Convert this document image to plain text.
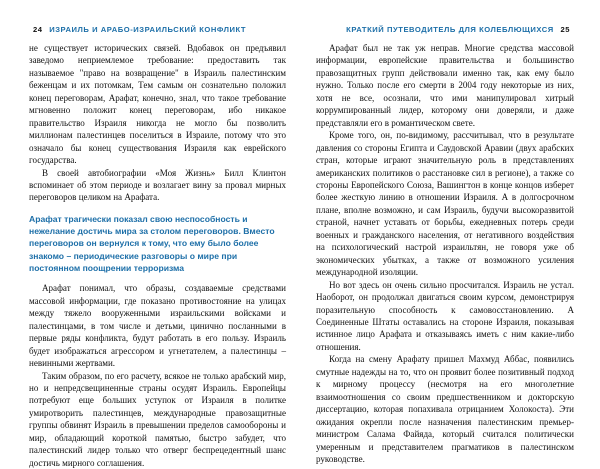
24 ИЗРАИЛЬ И АРАБО-ИЗРАИЛЬСКИЙ КОНФЛИКТ

не существует исторических связей. Вдобавок он предъявил заведомо неприемлемое требование: предоставить так называемое "право на возвращение" в Израиль палестинским беженцам и их потомкам, Тем самым он сознательно положил конец переговорам, Арафат, конечно, знал, что такое требование мгновенно положит конец переговорам, ибо никакое правительство Израиля никогда не могло бы позволить миллионам палестинцев поселиться в Израиле, потому что это означало бы конец существования Израиля как еврейского государства.

В своей автобиографии «Моя Жизнь» Билл Клинтон вспоминает об этом периоде и возлагает вину за провал мирных переговоров целиком на Арафата.

Арафат трагически показал свою неспособность и нежелание достичь мира за столом переговоров. Вместо переговоров он вернулся к тому, что ему было более знакомо – периодические разговоры о мире при постоянном поощрении терроризма

Арафат понимал, что образы, создаваемые средствами массовой информации, где показано противостояние на улицах между тяжело вооруженными израильскими войсками и палестинцами, в том числе и детьми, цинично посланными в первые ряды конфликта, будут работать в его пользу. Израиль будет изображаться агрессором и угнетателем, а палестинцы – невинными жертвами.

Таким образом, по его расчету, всякое не только арабский мир, но и непредсвещиненные страны осудят Израиль. Европейцы потребуют еще больших уступок от Израиля в политке умиротворить палестинцев, международные правозащитные группы обвинят Израиль в превышении пределов самообороны и мир, обладающий короткой памятью, быстро забудет, что палестинский лидер только что отверг беспрецедентный шанс достичь мирного соглашения.

КРАТКИЙ ПУТЕВОДИТЕЛЬ ДЛЯ КОЛЕБЛЮЩИХСЯ 25

Арафат был не так уж неправ. Многие средства массовой информации, европейские правительства и большинство правозащитных групп действовали именно так, как ему было нужно. Только после его смерти в 2004 году некоторые из них, хотя не все, осознали, что ими манипулировал хитрый коррумпированный лидер, которому они доверяли, и даже представляли его в романтическом свете.

Кроме того, он, по-видимому, рассчитывал, что в результате давления со стороны Египта и Саудовской Аравии (двух арабских стран, которые играют значительную роль в представлениях американских политиков о расстановке сил в регионе), а также со стороны Европейского Союза, Вашингтон в конце концов изберет более жесткую линию в отношении Израиля. А в долгосрочном плане, вполне возможно, и сам Израиль, будучи высокоразвитой страной, начнет уставать от борьбы, ежедневных потерь среди военных и гражданского населения, от негативного воздействия на психологический настрой израильтян, не говоря уже об экономических убытках, а также от возможного усиления международной изоляции.

Но вот здесь он очень сильно просчитался. Израиль не устал. Наоборот, он продолжал двигаться своим курсом, демонстрируя поразительную способность к самовосстановлению. А Соединенные Штаты оставались на стороне Израиля, показывая истинное лицо Арафата и отказываясь иметь с ним какие-либо отношения.

Когда на смену Арафату пришел Махмуд Аббас, появились смутные надежды на то, что он проявит более позитивный подход к мирному процессу (несмотря на его многолетние взаимоотношения со своим предшественником и докторскую диссертацию, которая попахивала отрицанием Холокоста). Эти ожидания окрепли после назначения палестинским премьер-министром Салама Файяда, который считался политически умеренным и представителем прагматиков в палестинском руководстве.
